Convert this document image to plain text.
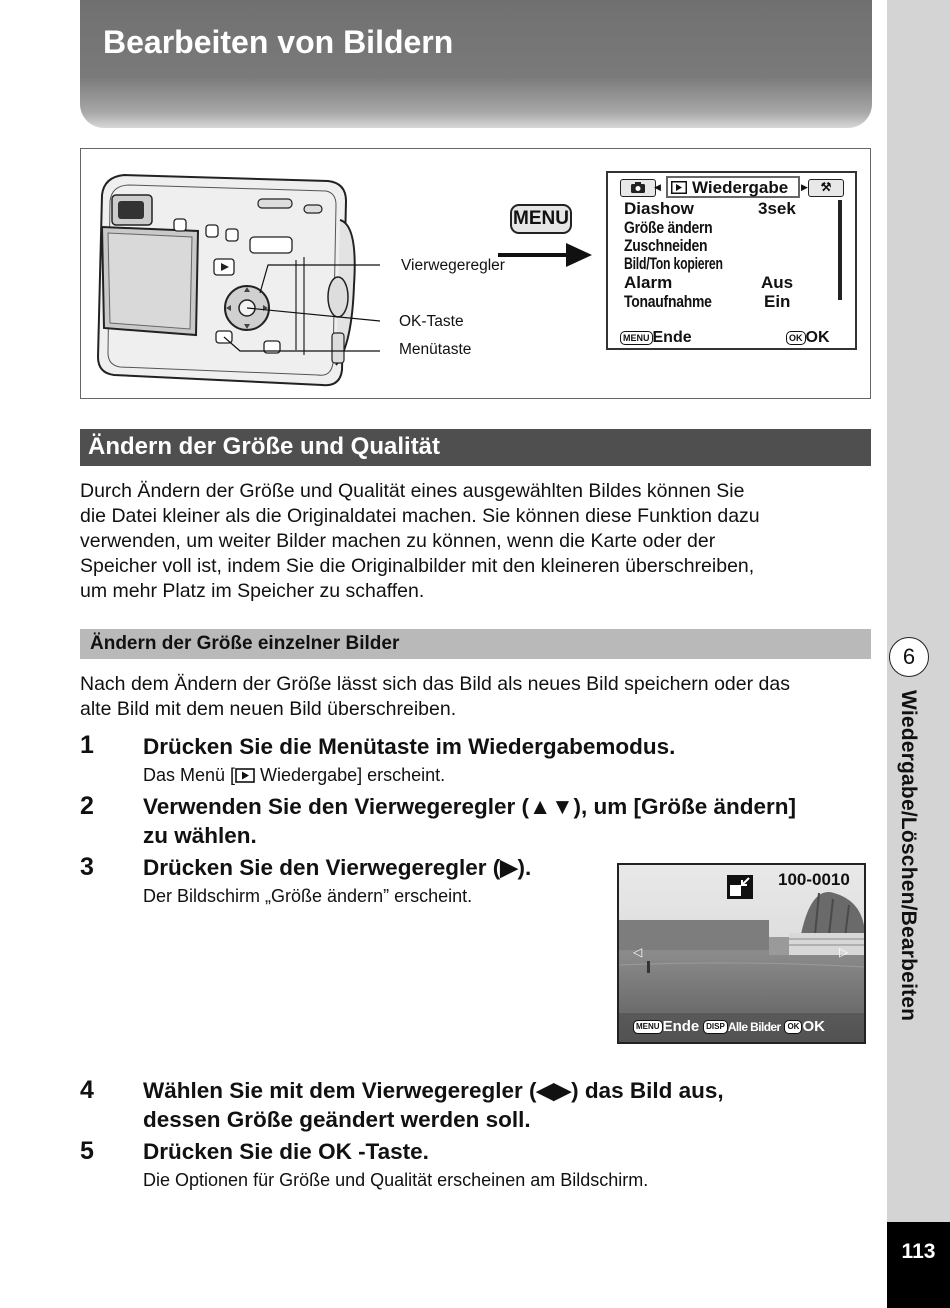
6
Wiedergabe/Löschen/Bearbeiten
113
Bearbeiten von Bildern
Vierwegeregler
OK-Taste
Menütaste
MENU
Wiedergabe
◀	▶	⚒
Diashow	3sek
Größe ändern
Zuschneiden
Bild/Ton kopieren
Alarm	Aus
Tonaufnahme	Ein
MENU Ende	OK OK
Ändern der Größe und Qualität
Durch Ändern der Größe und Qualität eines ausgewählten Bildes können Sie
die Datei kleiner als die Originaldatei machen. Sie können diese Funktion dazu
verwenden, um weiter Bilder machen zu können, wenn die Karte oder der
Speicher voll ist, indem Sie die Originalbilder mit den kleineren überschreiben,
um mehr Platz im Speicher zu schaffen.
Ändern der Größe einzelner Bilder
Nach dem Ändern der Größe lässt sich das Bild als neues Bild speichern oder das
alte Bild mit dem neuen Bild überschreiben.
1 Drücken Sie die Menütaste im Wiedergabemodus.
Das Menü [ Wiedergabe] erscheint.
2 Verwenden Sie den Vierwegeregler (▲▼), um [Größe ändern]
zu wählen.
3 Drücken Sie den Vierwegeregler (▶).
Der Bildschirm „Größe ändern” erscheint.
100-0010
◁	▷
MENU Ende DISP Alle Bilder OK OK
4 Wählen Sie mit dem Vierwegeregler (◀▶) das Bild aus,
dessen Größe geändert werden soll.
5 Drücken Sie die OK -Taste.
Die Optionen für Größe und Qualität erscheinen am Bildschirm.
